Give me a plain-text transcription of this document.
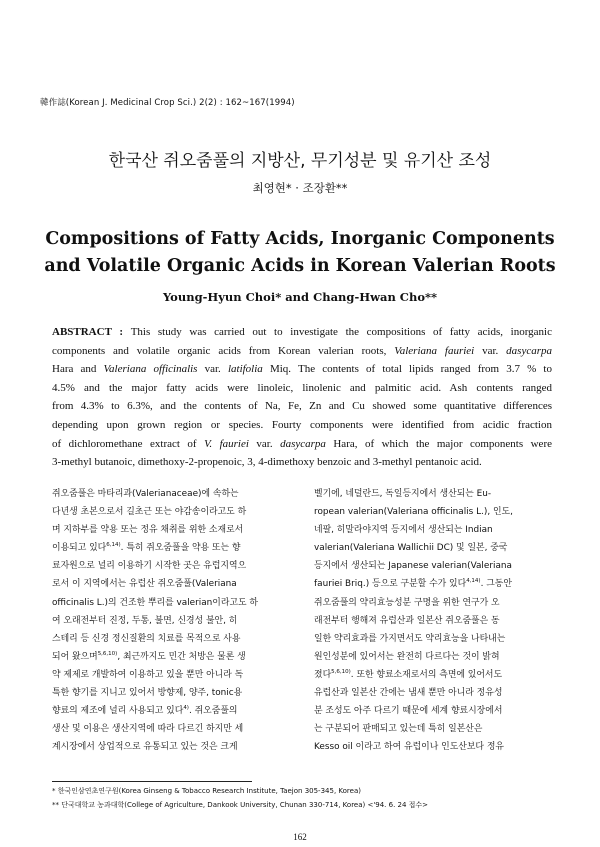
韓作誌(Korean J. Medicinal Crop Sci.) 2(2) : 162~167(1994)
한국산 쥐오줌풀의 지방산, 무기성분 및 유기산 조성
최영현* · 조장환**
Compositions of Fatty Acids, Inorganic Components
and Volatile Organic Acids in Korean Valerian Roots
Young-Hyun Choi* and Chang-Hwan Cho**
ABSTRACT : This study was carried out to investigate the compositions of fatty acids, inorganic
components and volatile organic acids from Korean valerian roots, Valeriana fauriei var. dasycarpa
Hara and Valeriana officinalis var. latifolia Miq. The contents of total lipids ranged from 3.7 % to
4.5% and the major fatty acids were linoleic, linolenic and palmitic acid. Ash contents ranged
from 4.3% to 6.3%, and the contents of Na, Fe, Zn and Cu showed some quantitative differences
depending upon grown region or species. Fourty components were identified from acidic fraction
of dichloromethane extract of V. fauriei var. dasycarpa Hara, of which the major components were
3-methyl butanoic, dimethoxy-2-propenoic, 3, 4-dimethoxy benzoic and 3-methyl pentanoic acid.
쥐오줌풀은 마타리과(Valerianaceae)에 속하는
다년생 초본으로서 길초근 또는 야감송이라고도 하
며 지하부를 약용 또는 정유 채취를 위한 소재로서
이용되고 있다$^{6,14)}$. 특히 쥐오줌풀을 약용 또는 향
료자원으로 널리 이용하기 시작한 곳은 유럽지역으
로서 이 지역에서는 유럽산 쥐오줌풀(Valeriana
officinalis L.)의 건조한 뿌리를 valerian이라고도 하
여 오래전부터 진정, 두통, 불면, 신경성 불안, 히
스테리 등 신경 정신질환의 치료를 목적으로 사용
되어 왔으며$^{5,6,10)}$, 최근까지도 민간 처방은 물론 생
약 제제로 개발하여 이용하고 있을 뿐만 아니라 독
특한 향기를 지니고 있어서 방향제, 양주, tonic용
향료의 제조에 널리 사용되고 있다$^{4)}$. 쥐오줌풀의
생산 및 이용은 생산지역에 따라 다르긴 하지만 세
계시장에서 상업적으로 유통되고 있는 것은 크게
벨기에, 네덜란드, 독일등지에서 생산되는 Eu-
ropean valerian(Valeriana officinalis L.), 인도,
네팔, 히말라야지역 등지에서 생산되는 Indian
valerian(Valeriana Wallichii DC) 및 일본, 중국
등지에서 생산되는 Japanese valerian(Valeriana
fauriei Briq.) 등으로 구분할 수가 있다$^{4,14)}$. 그동안
쥐오줌풀의 약리효능성분 구명을 위한 연구가 오
래전부터 행해져 유럽산과 일본산 쥐오줌풀은 동
일한 약리효과를 가지면서도 약리효능을 나타내는
원인성분에 있어서는 완전히 다르다는 것이 밝혀
졌다$^{5,6,10)}$. 또한 향료소재로서의 측면에 있어서도
유럽산과 일본산 간에는 냄새 뿐만 아니라 정유성
분 조성도 아주 다르기 때문에 세계 향료시장에서
는 구분되어 판매되고 있는데 특히 일본산은
Kesso oil 이라고 하여 유럽이나 인도산보다 정유
* 한국인삼연초연구원(Korea Ginseng & Tobacco Research Institute, Taejon 305-345, Korea)
** 단국대학교 농과대학(College of Agriculture, Dankook University, Chunan 330-714, Korea) <'94. 6. 24 접수>
162
